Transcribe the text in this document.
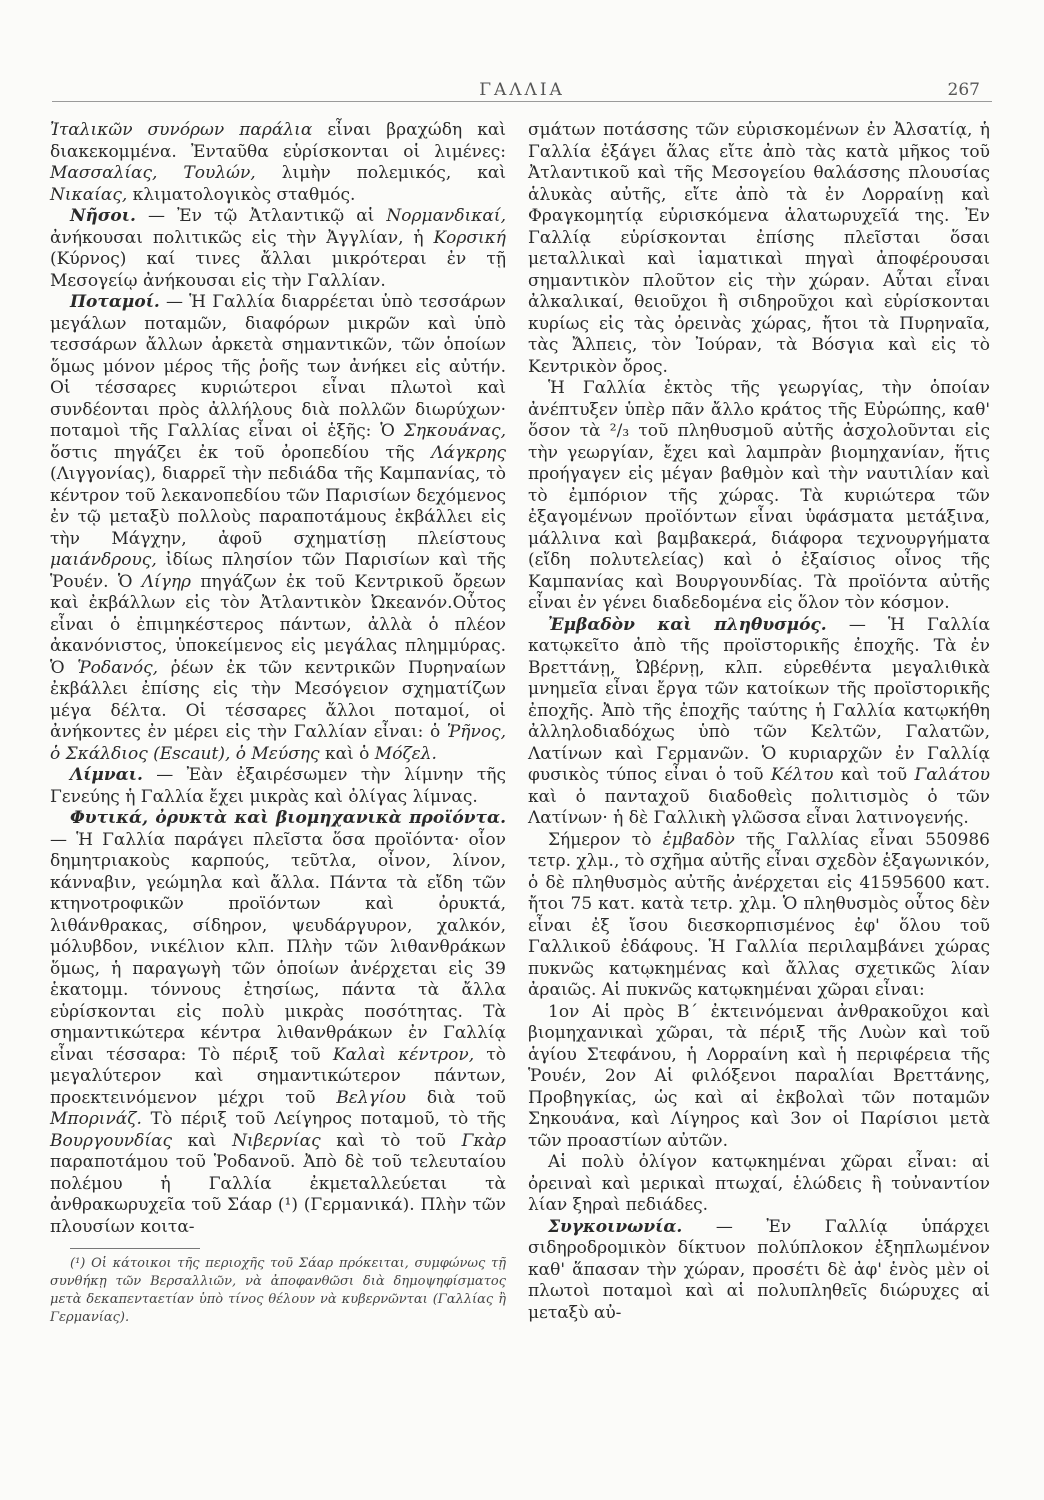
ΓΑΛΛΙΑ	267

Ἰταλικῶν συνόρων παράλια εἶναι βραχώδη καὶ διακεκομμένα. Ἐνταῦθα εὑρίσκονται οἱ λιμένες: Μασσαλίας, Τουλών, λιμὴν πολεμικός, καὶ Νικαίας, κλιματολογικὸς σταθμός.

Νῆσοι. — Ἐν τῷ Ἀτλαντικῷ αἱ Νορμανδικαί, ἀνήκουσαι πολιτικῶς εἰς τὴν Ἀγγλίαν, ἡ Κορσική (Κύρνος) καί τινες ἄλλαι μικρότεραι ἐν τῇ Μεσογείῳ ἀνήκουσαι εἰς τὴν Γαλλίαν.

Ποταμοί. — Ἡ Γαλλία διαρρέεται ὑπὸ τεσσάρων μεγάλων ποταμῶν, διαφόρων μικρῶν καὶ ὑπὸ τεσσάρων ἄλλων ἀρκετὰ σημαντικῶν, τῶν ὁποίων ὅμως μόνον μέρος τῆς ῥοῆς των ἀνήκει εἰς αὐτήν. Οἱ τέσσαρες κυριώτεροι εἶναι πλωτοὶ καὶ συνδέονται πρὸς ἀλλήλους διὰ πολλῶν διωρύχων· ποταμοὶ τῆς Γαλλίας εἶναι οἱ ἑξῆς: Ὁ Σηκουάνας, ὅστις πηγάζει ἐκ τοῦ ὀροπεδίου τῆς Λάγκρης (Λιγγονίας), διαρρεῖ τὴν πεδιάδα τῆς Καμπανίας, τὸ κέντρον τοῦ λεκανοπεδίου τῶν Παρισίων δεχόμενος ἐν τῷ μεταξὺ πολλοὺς παραποτάμους ἐκβάλλει εἰς τὴν Μάγχην, ἀφοῦ σχηματίσῃ πλείστους μαιάνδρους, ἰδίως πλησίον τῶν Παρισίων καὶ τῆς Ῥουέν. Ὁ Λίγηρ πηγάζων ἐκ τοῦ Κεντρικοῦ ὄρεων καὶ ἐκβάλλων εἰς τὸν Ἀτλαντικὸν Ὠκεανόν.Οὗτος εἶναι ὁ ἐπιμηκέστερος πάντων, ἀλλὰ ὁ πλέον ἀκανόνιστος, ὑποκείμενος εἰς μεγάλας πλημμύρας. Ὁ Ῥοδανός, ῥέων ἐκ τῶν κεντρικῶν Πυρηναίων ἐκβάλλει ἐπίσης εἰς τὴν Μεσόγειον σχηματίζων μέγα δέλτα. Οἱ τέσσαρες ἄλλοι ποταμοί, οἱ ἀνήκοντες ἐν μέρει εἰς τὴν Γαλλίαν εἶναι: ὁ Ῥῆνος, ὁ Σκάλδιος (Escaut), ὁ Μεύσης καὶ ὁ Μόζελ.

Λίμναι. — Ἐὰν ἐξαιρέσωμεν τὴν λίμνην τῆς Γενεύης ἡ Γαλλία ἔχει μικρὰς καὶ ὀλίγας λίμνας.

Φυτικά, ὀρυκτὰ καὶ βιομηχανικὰ προϊόντα. — Ἡ Γαλλία παράγει πλεῖστα ὅσα προϊόντα· οἷον δημητριακοὺς καρπούς, τεῦτλα, οἶνον, λίνον, κάνναβιν, γεώμηλα καὶ ἄλλα. Πάντα τὰ εἴδη τῶν κτηνοτροφικῶν προϊόντων καὶ ὀρυκτά, λιθάνθρακας, σίδηρον, ψευδάργυρον, χαλκόν, μόλυβδον, νικέλιον κλπ. Πλὴν τῶν λιθανθράκων ὅμως, ἡ παραγωγὴ τῶν ὁποίων ἀνέρχεται εἰς 39 ἑκατομμ. τόννους ἐτησίως, πάντα τὰ ἄλλα εὑρίσκονται εἰς πολὺ μικρὰς ποσότητας. Τὰ σημαντικώτερα κέντρα λιθανθράκων ἐν Γαλλίᾳ εἶναι τέσσαρα: Τὸ πέριξ τοῦ Καλαὶ κέντρον, τὸ μεγαλύτερον καὶ σημαντικώτερον πάντων, προεκτεινόμενον μέχρι τοῦ Βελγίου διὰ τοῦ Μπορινάζ. Τὸ πέριξ τοῦ Λείγηρος ποταμοῦ, τὸ τῆς Βουργουνδίας καὶ Νιβερνίας καὶ τὸ τοῦ Γκὰρ παραποτάμου τοῦ Ῥοδανοῦ. Ἀπὸ δὲ τοῦ τελευταίου πολέμου ἡ Γαλλία ἐκμεταλλεύεται τὰ ἀνθρακωρυχεῖα τοῦ Σάαρ (¹) (Γερμανικά). Πλὴν τῶν πλουσίων κοιτα-

(¹) Οἱ κάτοικοι τῆς περιοχῆς τοῦ Σάαρ πρόκειται, συμφώνως τῇ συνθήκῃ τῶν Βερσαλλιῶν, νὰ ἀποφανθῶσι διὰ δημοψηφίσματος μετὰ δεκαπενταετίαν ὑπὸ τίνος θέλουν νὰ κυβερνῶνται (Γαλλίας ἢ Γερμανίας).

σμάτων ποτάσσης τῶν εὑρισκομένων ἐν Ἀλσατίᾳ, ἡ Γαλλία ἐξάγει ἅλας εἴτε ἀπὸ τὰς κατὰ μῆκος τοῦ Ἀτλαντικοῦ καὶ τῆς Μεσογείου θαλάσσης πλουσίας ἁλυκὰς αὐτῆς, εἴτε ἀπὸ τὰ ἐν Λορραίνῃ καὶ Φραγκομητίᾳ εὑρισκόμενα ἁλατωρυχεῖά της. Ἐν Γαλλίᾳ εὑρίσκονται ἐπίσης πλεῖσται ὅσαι μεταλλικαὶ καὶ ἰαματικαὶ πηγαὶ ἀποφέρουσαι σημαντικὸν πλοῦτον εἰς τὴν χώραν. Αὗται εἶναι ἀλκαλικαί, θειοῦχοι ἢ σιδηροῦχοι καὶ εὑρίσκονται κυρίως εἰς τὰς ὀρεινὰς χώρας, ἤτοι τὰ Πυρηναῖα, τὰς Ἄλπεις, τὸν Ἰούραν, τὰ Βόσγια καὶ εἰς τὸ Κεντρικὸν ὄρος.

Ἡ Γαλλία ἐκτὸς τῆς γεωργίας, τὴν ὁποίαν ἀνέπτυξεν ὑπὲρ πᾶν ἄλλο κράτος τῆς Εὐρώπης, καθ' ὅσον τὰ ²/₃ τοῦ πληθυσμοῦ αὐτῆς ἀσχολοῦνται εἰς τὴν γεωργίαν, ἔχει καὶ λαμπρὰν βιομηχανίαν, ἥτις προήγαγεν εἰς μέγαν βαθμὸν καὶ τὴν ναυτιλίαν καὶ τὸ ἐμπόριον τῆς χώρας. Τὰ κυριώτερα τῶν ἐξαγομένων προϊόντων εἶναι ὑφάσματα μετάξινα, μάλλινα καὶ βαμβακερά, διάφορα τεχνουργήματα (εἴδη πολυτελείας) καὶ ὁ ἐξαίσιος οἶνος τῆς Καμπανίας καὶ Βουργουνδίας. Τὰ προϊόντα αὐτῆς εἶναι ἐν γένει διαδεδομένα εἰς ὅλον τὸν κόσμον.

Ἐμβαδὸν καὶ πληθυσμός. — Ἡ Γαλλία κατῳκεῖτο ἀπὸ τῆς προϊστορικῆς ἐποχῆς. Τὰ ἐν Βρεττάνῃ, Ὠβέρνῃ, κλπ. εὑρεθέντα μεγαλιθικὰ μνημεῖα εἶναι ἔργα τῶν κατοίκων τῆς προϊστορικῆς ἐποχῆς. Ἀπὸ τῆς ἐποχῆς ταύτης ἡ Γαλλία κατῳκήθη ἀλληλοδιαδόχως ὑπὸ τῶν Κελτῶν, Γαλατῶν, Λατίνων καὶ Γερμανῶν. Ὁ κυριαρχῶν ἐν Γαλλίᾳ φυσικὸς τύπος εἶναι ὁ τοῦ Κέλτου καὶ τοῦ Γαλάτου καὶ ὁ πανταχοῦ διαδοθεὶς πολιτισμὸς ὁ τῶν Λατίνων· ἡ δὲ Γαλλικὴ γλῶσσα εἶναι λατινογενής.

Σήμερον τὸ ἐμβαδὸν τῆς Γαλλίας εἶναι 550986 τετρ. χλμ., τὸ σχῆμα αὐτῆς εἶναι σχεδὸν ἑξαγωνικόν, ὁ δὲ πληθυσμὸς αὐτῆς ἀνέρχεται εἰς 41595600 κατ. ἤτοι 75 κατ. κατὰ τετρ. χλμ. Ὁ πληθυσμὸς οὗτος δὲν εἶναι ἐξ ἴσου διεσκορπισμένος ἐφ' ὅλου τοῦ Γαλλικοῦ ἐδάφους. Ἡ Γαλλία περιλαμβάνει χώρας πυκνῶς κατῳκημένας καὶ ἄλλας σχετικῶς λίαν ἀραιῶς. Αἱ πυκνῶς κατῳκημέναι χῶραι εἶναι:

1ον Αἱ πρὸς Β΄ ἐκτεινόμεναι ἀνθρακοῦχοι καὶ βιομηχανικαὶ χῶραι, τὰ πέριξ τῆς Λυὼν καὶ τοῦ ἁγίου Στεφάνου, ἡ Λορραίνη καὶ ἡ περιφέρεια τῆς Ῥουέν, 2ον Αἱ φιλόξενοι παραλίαι Βρεττάνης, Προβηγκίας, ὡς καὶ αἱ ἐκβολαὶ τῶν ποταμῶν Σηκουάνα, καὶ Λίγηρος καὶ 3ον οἱ Παρίσιοι μετὰ τῶν προαστίων αὐτῶν.

Αἱ πολὺ ὀλίγον κατῳκημέναι χῶραι εἶναι: αἱ ὀρειναὶ καὶ μερικαὶ πτωχαί, ἑλώδεις ἢ τοὐναντίον λίαν ξηραὶ πεδιάδες.

Συγκοινωνία. — Ἐν Γαλλίᾳ ὑπάρχει σιδηροδρομικὸν δίκτυον πολύπλοκον ἐξηπλωμένον καθ' ἅπασαν τὴν χώραν, προσέτι δὲ ἀφ' ἑνὸς μὲν οἱ πλωτοὶ ποταμοὶ καὶ αἱ πολυπληθεῖς διώρυχες αἱ μεταξὺ αὐ-
